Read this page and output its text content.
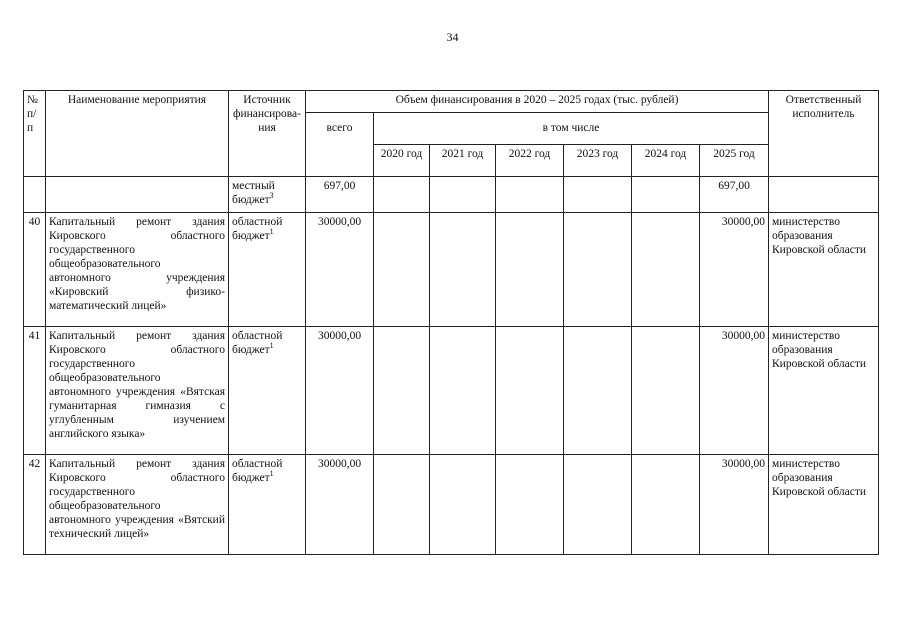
34
№ п/п	Наименование мероприятия	Источник финансирова-ния	Объем финансирования в 2020 – 2025 годах (тыс. рублей)							Ответственный исполнитель
			всего	в том числе						
				2020 год	2021 год	2022 год	2023 год	2024 год	2025 год	
		местный бюджет$^3$	697,00						697,00	
40	Капитальный ремонт здания Кировского областного государственного общеобразовательного автономного учреждения «Кировский физико-математический лицей»	областной бюджет$^1$	30000,00						30000,00	министерство образования Кировской области
41	Капитальный ремонт здания Кировского областного государственного общеобразовательного автономного учреждения «Вятская гуманитарная гимназия с углубленным изучением английского языка»	областной бюджет$^1$	30000,00						30000,00	министерство образования Кировской области
42	Капитальный ремонт здания Кировского областного государственного общеобразовательного автономного учреждения «Вятский технический лицей»	областной бюджет$^1$	30000,00						30000,00	министерство образования Кировской области
